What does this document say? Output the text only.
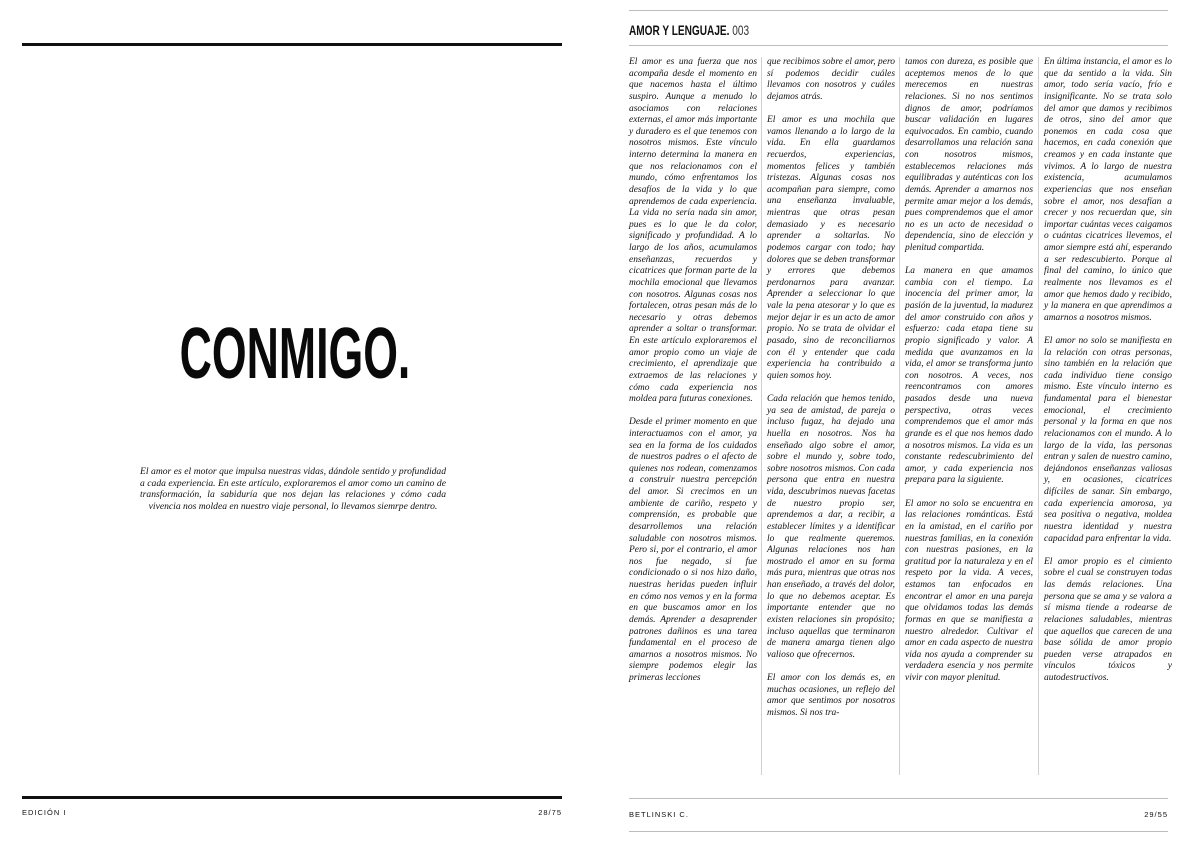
CONMIGO.
El amor es el motor que impulsa nuestras vidas, dándole sentido y profundidad a cada experiencia. En este artículo, exploraremos el amor como un camino de transformación, la sabiduría que nos dejan las relaciones y cómo cada vivencia nos moldea en nuestro viaje personal, lo llevamos siemrpe dentro.
EDICIÓN I	28/75
AMOR Y LENGUAJE. 003

El amor es una fuerza que nos acompaña desde el momento en que nacemos hasta el último suspiro. Aunque a menudo lo asociamos con relaciones externas, el amor más importante y duradero es el que tenemos con nosotros mismos. Este vínculo interno determina la manera en que nos relacionamos con el mundo, cómo enfrentamos los desafíos de la vida y lo que aprendemos de cada experiencia. La vida no sería nada sin amor, pues es lo que le da color, significado y profundidad. A lo largo de los años, acumulamos enseñanzas, recuerdos y cicatrices que forman parte de la mochila emocional que llevamos con nosotros. Algunas cosas nos fortalecen, otras pesan más de lo necesario y otras debemos aprender a soltar o transformar. En este artículo exploraremos el amor propio como un viaje de crecimiento, el aprendizaje que extraemos de las relaciones y cómo cada experiencia nos moldea para futuras conexiones.

Desde el primer momento en que interactuamos con el amor, ya sea en la forma de los cuidados de nuestros padres o el afecto de quienes nos rodean, comenzamos a construir nuestra percepción del amor. Si crecimos en un ambiente de cariño, respeto y comprensión, es probable que desarrollemos una relación saludable con nosotros mismos. Pero si, por el contrario, el amor nos fue negado, si fue condicionado o si nos hizo daño, nuestras heridas pueden influir en cómo nos vemos y en la forma en que buscamos amor en los demás. Aprender a desaprender patrones dañinos es una tarea fundamental en el proceso de amarnos a nosotros mismos. No siempre podemos elegir las primeras lecciones

que recibimos sobre el amor, pero sí podemos decidir cuáles llevamos con nosotros y cuáles dejamos atrás.

El amor es una mochila que vamos llenando a lo largo de la vida. En ella guardamos recuerdos, experiencias, momentos felices y también tristezas. Algunas cosas nos acompañan para siempre, como una enseñanza invaluable, mientras que otras pesan demasiado y es necesario aprender a soltarlas. No podemos cargar con todo; hay dolores que se deben transformar y errores que debemos perdonarnos para avanzar. Aprender a seleccionar lo que vale la pena atesorar y lo que es mejor dejar ir es un acto de amor propio. No se trata de olvidar el pasado, sino de reconciliarnos con él y entender que cada experiencia ha contribuido a quien somos hoy.

Cada relación que hemos tenido, ya sea de amistad, de pareja o incluso fugaz, ha dejado una huella en nosotros. Nos ha enseñado algo sobre el amor, sobre el mundo y, sobre todo, sobre nosotros mismos. Con cada persona que entra en nuestra vida, descubrimos nuevas facetas de nuestro propio ser, aprendemos a dar, a recibir, a establecer límites y a identificar lo que realmente queremos. Algunas relaciones nos han mostrado el amor en su forma más pura, mientras que otras nos han enseñado, a través del dolor, lo que no debemos aceptar. Es importante entender que no existen relaciones sin propósito; incluso aquellas que terminaron de manera amarga tienen algo valioso que ofrecernos.

El amor con los demás es, en muchas ocasiones, un reflejo del amor que sentimos por nosotros mismos. Si nos tra-

tamos con dureza, es posible que aceptemos menos de lo que merecemos en nuestras relaciones. Si no nos sentimos dignos de amor, podríamos buscar validación en lugares equivocados. En cambio, cuando desarrollamos una relación sana con nosotros mismos, establecemos relaciones más equilibradas y auténticas con los demás. Aprender a amarnos nos permite amar mejor a los demás, pues comprendemos que el amor no es un acto de necesidad o dependencia, sino de elección y plenitud compartida.

La manera en que amamos cambia con el tiempo. La inocencia del primer amor, la pasión de la juventud, la madurez del amor construido con años y esfuerzo: cada etapa tiene su propio significado y valor. A medida que avanzamos en la vida, el amor se transforma junto con nosotros. A veces, nos reencontramos con amores pasados desde una nueva perspectiva, otras veces comprendemos que el amor más grande es el que nos hemos dado a nosotros mismos. La vida es un constante redescubrimiento del amor, y cada experiencia nos prepara para la siguiente.

El amor no solo se encuentra en las relaciones románticas. Está en la amistad, en el cariño por nuestras familias, en la conexión con nuestras pasiones, en la gratitud por la naturaleza y en el respeto por la vida. A veces, estamos tan enfocados en encontrar el amor en una pareja que olvidamos todas las demás formas en que se manifiesta a nuestro alrededor. Cultivar el amor en cada aspecto de nuestra vida nos ayuda a comprender su verdadera esencia y nos permite vivir con mayor plenitud.

En última instancia, el amor es lo que da sentido a la vida. Sin amor, todo sería vacío, frío e insignificante. No se trata solo del amor que damos y recibimos de otros, sino del amor que ponemos en cada cosa que hacemos, en cada conexión que creamos y en cada instante que vivimos. A lo largo de nuestra existencia, acumulamos experiencias que nos enseñan sobre el amor, nos desafían a crecer y nos recuerdan que, sin importar cuántas veces caigamos o cuántas cicatrices llevemos, el amor siempre está ahí, esperando a ser redescubierto. Porque al final del camino, lo único que realmente nos llevamos es el amor que hemos dado y recibido, y la manera en que aprendimos a amarnos a nosotros mismos.

El amor no solo se manifiesta en la relación con otras personas, sino también en la relación que cada individuo tiene consigo mismo. Este vínculo interno es fundamental para el bienestar emocional, el crecimiento personal y la forma en que nos relacionamos con el mundo. A lo largo de la vida, las personas entran y salen de nuestro camino, dejándonos enseñanzas valiosas y, en ocasiones, cicatrices difíciles de sanar. Sin embargo, cada experiencia amorosa, ya sea positiva o negativa, moldea nuestra identidad y nuestra capacidad para enfrentar la vida.

El amor propio es el cimiento sobre el cual se construyen todas las demás relaciones. Una persona que se ama y se valora a sí misma tiende a rodearse de relaciones saludables, mientras que aquellos que carecen de una base sólida de amor propio pueden verse atrapados en vínculos tóxicos y autodestructivos.

BETLINSKI C.	29/55
